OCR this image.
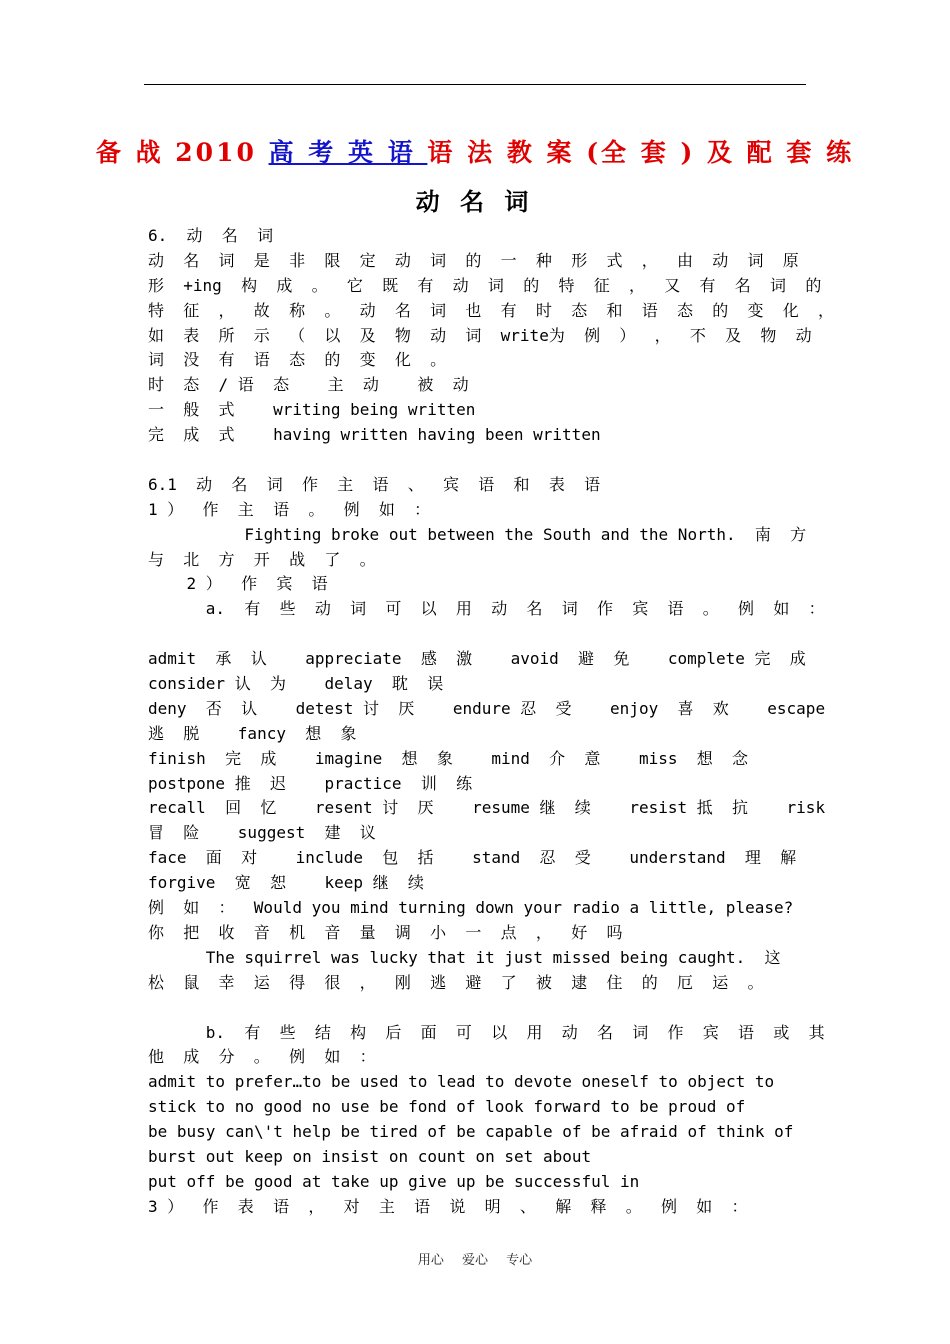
备 战 2010 高 考 英 语 语 法 教 案 (全 套 ) 及 配 套 练
动 名 词
6.  动  名  词
动  名  词  是  非  限  定  动  词  的  一  种  形  式  ，  由  动  词  原
形  +ing  构  成  。  它  既  有  动  词  的  特  征  ，  又  有  名  词  的
特  征  ，  故  称  。  动  名  词  也  有  时  态  和  语  态  的  变  化  ，
如  表  所  示  （  以  及  物  动  词  write为  例  ）  ，  不  及  物  动
词  没  有  语  态  的  变  化  。
时  态  / 语  态    主  动    被  动
一  般  式    writing being written
完  成  式    having written having been written
6.1  动  名  词  作  主  语  、  宾  语  和  表  语
1 ）  作  主  语  。  例  如  ：
Fighting broke out between the South and the North.  南  方
与  北  方  开  战  了  。
2 ）  作  宾  语
a.  有  些  动  词  可  以  用  动  名  词  作  宾  语  。  例  如  ：
admit  承  认    appreciate  感  激    avoid  避  免    complete 完  成
consider 认  为    delay  耽  误
deny  否  认    detest 讨  厌    endure 忍  受    enjoy  喜  欢    escape
逃  脱    fancy  想  象
finish  完  成    imagine  想  象    mind  介  意    miss  想  念
postpone 推  迟    practice  训  练
recall  回  忆    resent 讨  厌    resume 继  续    resist 抵  抗    risk
冒  险    suggest  建  议
face  面  对    include  包  括    stand  忍  受    understand  理  解
forgive  宽  恕    keep 继  续
例  如  ：  Would you mind turning down your radio a little, please?
你  把  收  音  机  音  量  调  小  一  点  ，  好  吗
The squirrel was lucky that it just missed being caught.  这
松  鼠  幸  运  得  很  ，  刚  逃  避  了  被  逮  住  的  厄  运  。
b.  有  些  结  构  后  面  可  以  用  动  名  词  作  宾  语  或  其
他  成  分  。  例  如  ：
admit to prefer…to be used to lead to devote oneself to object to
stick to no good no use be fond of look forward to be proud of
be busy can\'t help be tired of be capable of be afraid of think of
burst out keep on insist on count on set about
put off be good at take up give up be successful in
3 ）  作  表  语  ，  对  主  语  说  明  、  解  释  。  例  如  ：
用心 爱心 专心
